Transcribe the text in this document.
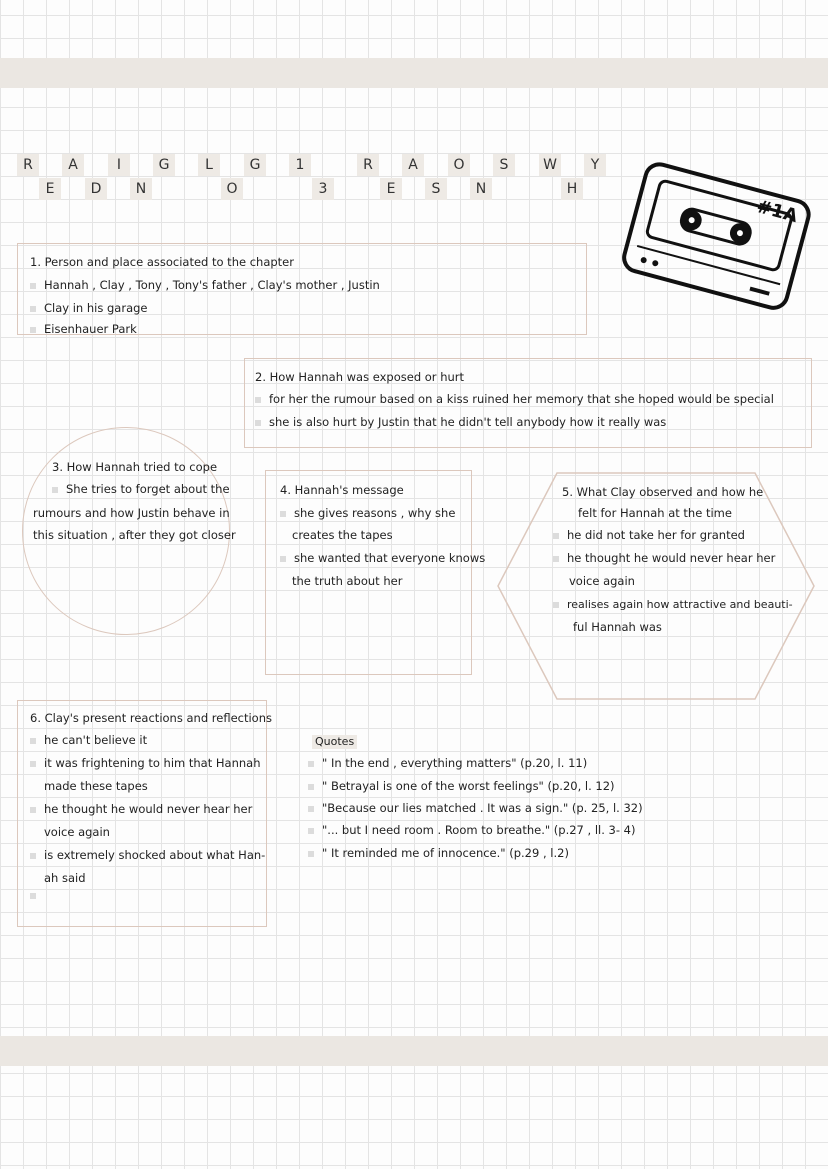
R	A	I	G	L	G	1	R	A	O	S	W	Y
E	D	N	O	3	E	S	N	H
#1A
1. Person and place associated to the chapter
Hannah , Clay , Tony , Tony's father , Clay's mother , Justin
Clay in his garage
Eisenhauer Park
2. How Hannah was exposed or hurt
for her the rumour based on a kiss ruined her memory that she hoped would be special
she is also hurt by Justin that he didn't tell anybody how it really was
3. How Hannah tried to cope
She tries to forget about the
rumours and how Justin behave in
this situation , after they got closer
4. Hannah's message
she gives reasons , why she
creates the tapes
she wanted that everyone knows
the truth about her
5. What Clay observed and how he
felt for Hannah at the time
he did not take her for granted
he thought he would never hear her
voice again
realises again how attractive and beauti-
ful Hannah was
6. Clay's present reactions and reflections
he can't believe it
it was frightening to him that Hannah
made these tapes
he thought he would never hear her
voice again
is extremely shocked about what Han-
ah said
Quotes
" In the end , everything matters" (p.20, l. 11)
" Betrayal is one of the worst feelings" (p.20, l. 12)
"Because our lies matched . It was a sign." (p. 25, l. 32)
"... but I need room . Room to breathe." (p.27 , ll. 3- 4)
" It reminded me of innocence." (p.29 , l.2)
